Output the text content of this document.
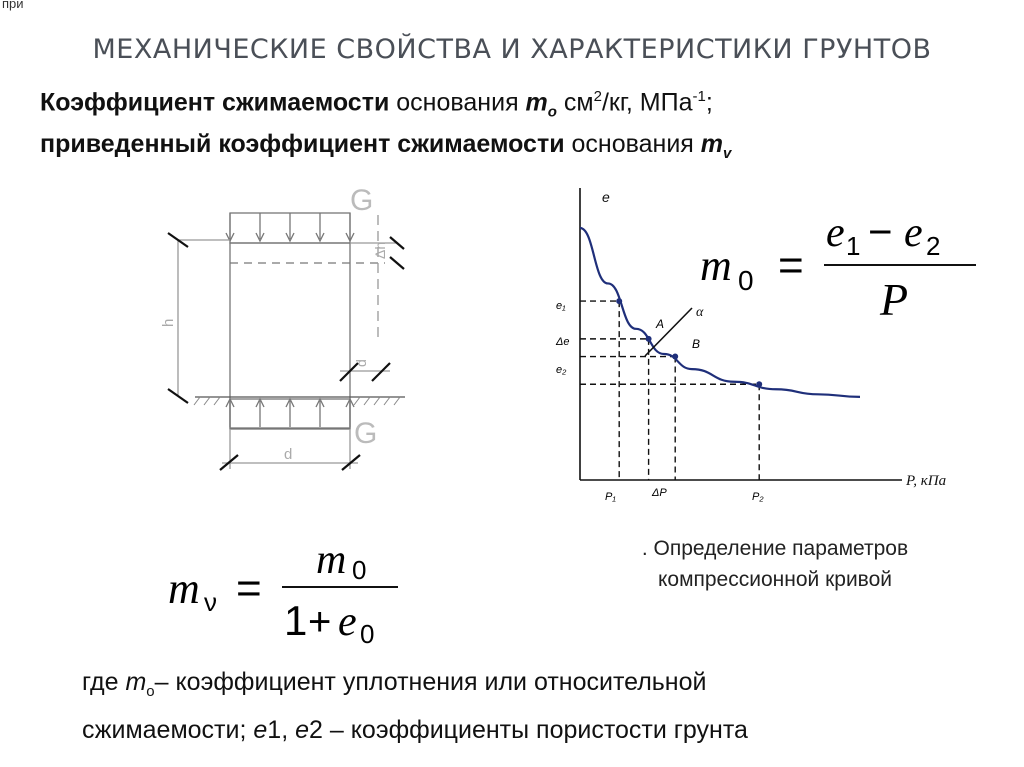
при
МЕХАНИЧЕСКИЕ СВОЙСТВА И ХАРАКТЕРИСТИКИ ГРУНТОВ
Коэффициент сжимаемости основания $m_o$ $см^2/кг$, МПа$^{-1}$;
приведенный коэффициент сжимаемости основания $m_v$
G
G
h
Δh
d
d
α
e
P, кПа
e₁
Δe
e₂
P₁	ΔP	P₂
A
B
m 0 =
e 1 − e 2
P
m ν =
m 0
1 + e 0
. Определение параметров
компрессионной кривой
где $m_o-$ коэффициент уплотнения или относительной
сжимаемости; e1, e2 – коэффициенты пористости грунта
